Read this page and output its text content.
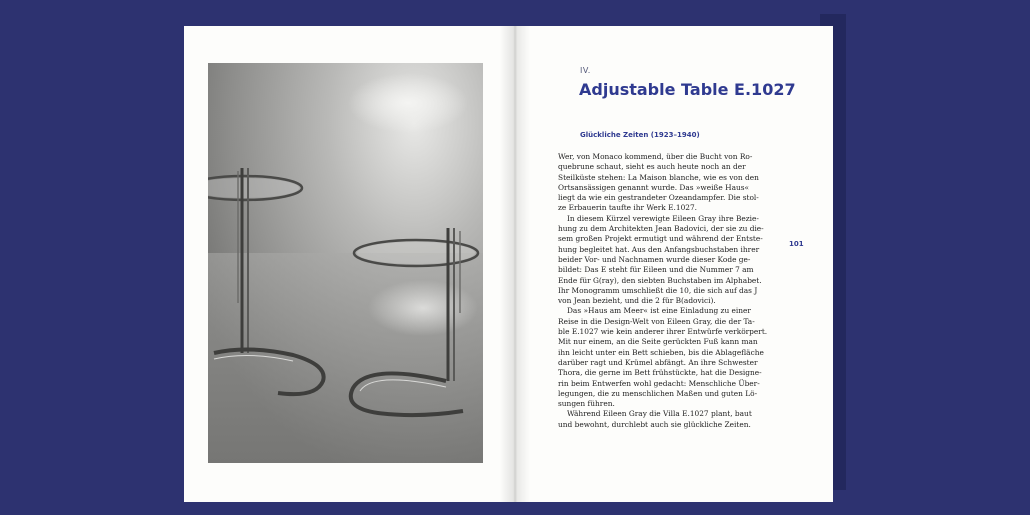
IV.
Adjustable Table E.1027
Glückliche Zeiten (1923–1940)
Wer, von Monaco kommend, über die Bucht von Ro-
quebrune schaut, sieht es auch heute noch an der
Steilküste stehen: La Maison blanche, wie es von den
Ortsansässigen genannt wurde. Das »weiße Haus«
liegt da wie ein gestrandeter Ozeandampfer. Die stol-
ze Erbauerin taufte ihr Werk E.1027.
In diesem Kürzel verewigte Eileen Gray ihre Bezie-
hung zu dem Architekten Jean Badovici, der sie zu die-
sem großen Projekt ermutigt und während der Entste-
hung begleitet hat. Aus den Anfangsbuchstaben ihrer
beider Vor- und Nachnamen wurde dieser Kode ge-
bildet: Das E steht für Eileen und die Nummer 7 am
Ende für G(ray), den siebten Buchstaben im Alphabet.
Ihr Monogramm umschließt die 10, die sich auf das J
von Jean bezieht, und die 2 für B(adovici).
Das »Haus am Meer« ist eine Einladung zu einer
Reise in die Design-Welt von Eileen Gray, die der Ta-
ble E.1027 wie kein anderer ihrer Entwürfe verkörpert.
Mit nur einem, an die Seite gerückten Fuß kann man
ihn leicht unter ein Bett schieben, bis die Ablagefläche
darüber ragt und Krümel abfängt. An ihre Schwester
Thora, die gerne im Bett frühstückte, hat die Designe-
rin beim Entwerfen wohl gedacht: Menschliche Über-
legungen, die zu menschlichen Maßen und guten Lö-
sungen führen.
Während Eileen Gray die Villa E.1027 plant, baut
und bewohnt, durchlebt auch sie glückliche Zeiten.
101
